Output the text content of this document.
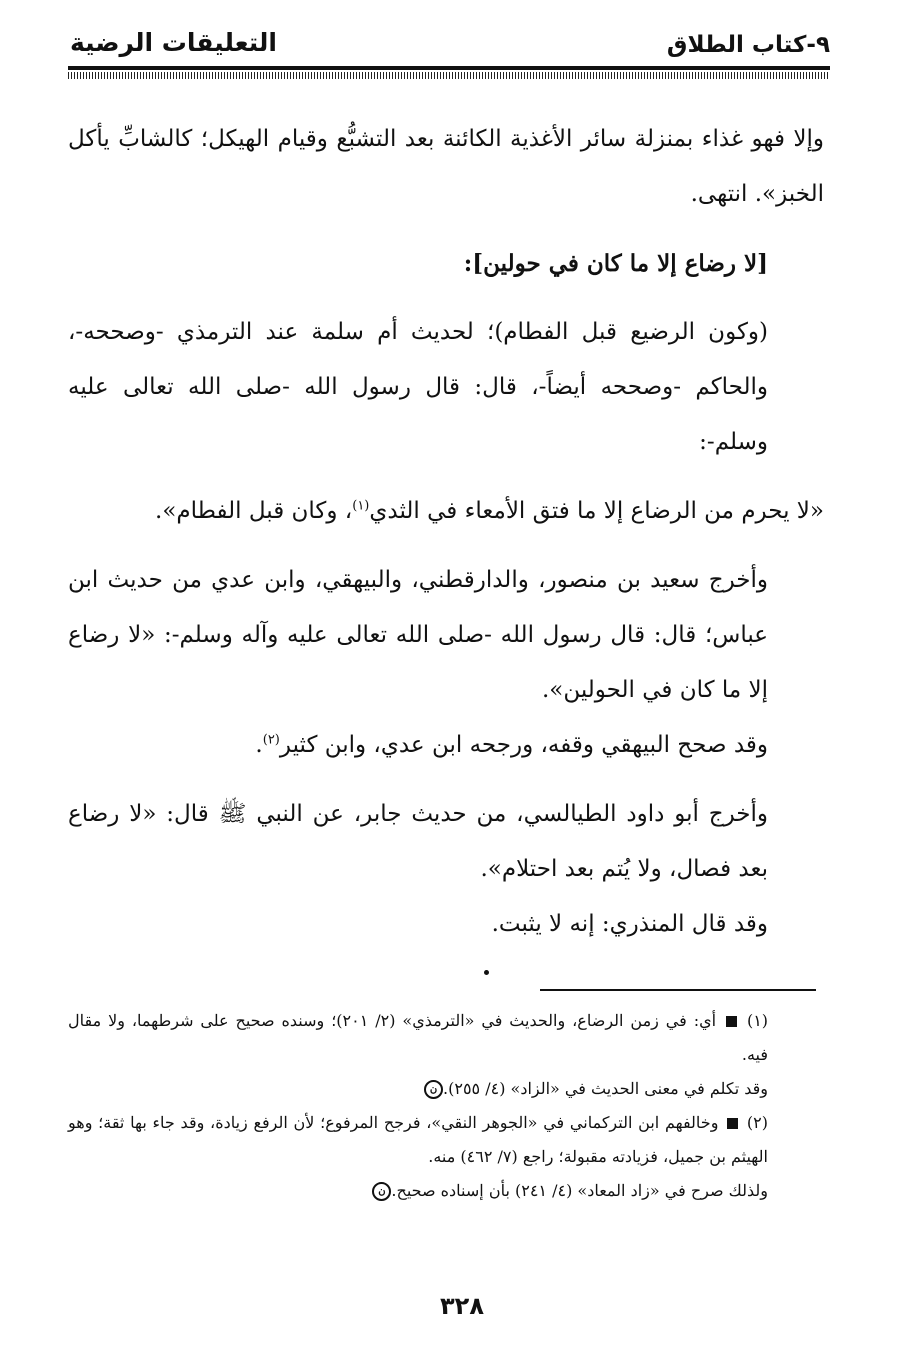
٩-كتاب الطلاق
التعليقات الرضية

وإلا فهو غذاء بمنزلة سائر الأغذية الكائنة بعد التشبُّع وقيام الهيكل؛ كالشابِّ يأكل الخبز». انتهى.

[لا رضاع إلا ما كان في حولين]:

(وكون الرضيع قبل الفطام)؛ لحديث أم سلمة عند الترمذي -وصححه-، والحاكم -وصححه أيضاً-، قال: قال رسول الله -صلى الله تعالى عليه وسلم-:

«لا يحرم من الرضاع إلا ما فتق الأمعاء في الثدي$^{(١)}$، وكان قبل الفطام».

وأخرج سعيد بن منصور، والدارقطني، والبيهقي، وابن عدي من حديث ابن عباس؛ قال: قال رسول الله -صلى الله تعالى عليه وآله وسلم-: «لا رضاع إلا ما كان في الحولين».

وقد صحح البيهقي وقفه، ورجحه ابن عدي، وابن كثير$^{(٢)}$.

وأخرج أبو داود الطيالسي، من حديث جابر، عن النبي ﷺ قال: «لا رضاع بعد فصال، ولا يُتم بعد احتلام».

وقد قال المنذري: إنه لا يثبت.

(١)  أي: في زمن الرضاع، والحديث في «الترمذي» (٢/ ٢٠١)؛ وسنده صحيح على شرطهما، ولا مقال فيه.

وقد تكلم في معنى الحديث في «الزاد» (٤/ ٢٥٥).ن

(٢)  وخالفهم ابن التركماني في «الجوهر النقي»، فرجح المرفوع؛ لأن الرفع زيادة، وقد جاء بها ثقة؛ وهو الهيثم بن جميل، فزيادته مقبولة؛ راجع (٧/ ٤٦٢) منه.

ولذلك صرح في «زاد المعاد» (٤/ ٢٤١) بأن إسناده صحيح.ن

٣٢٨
